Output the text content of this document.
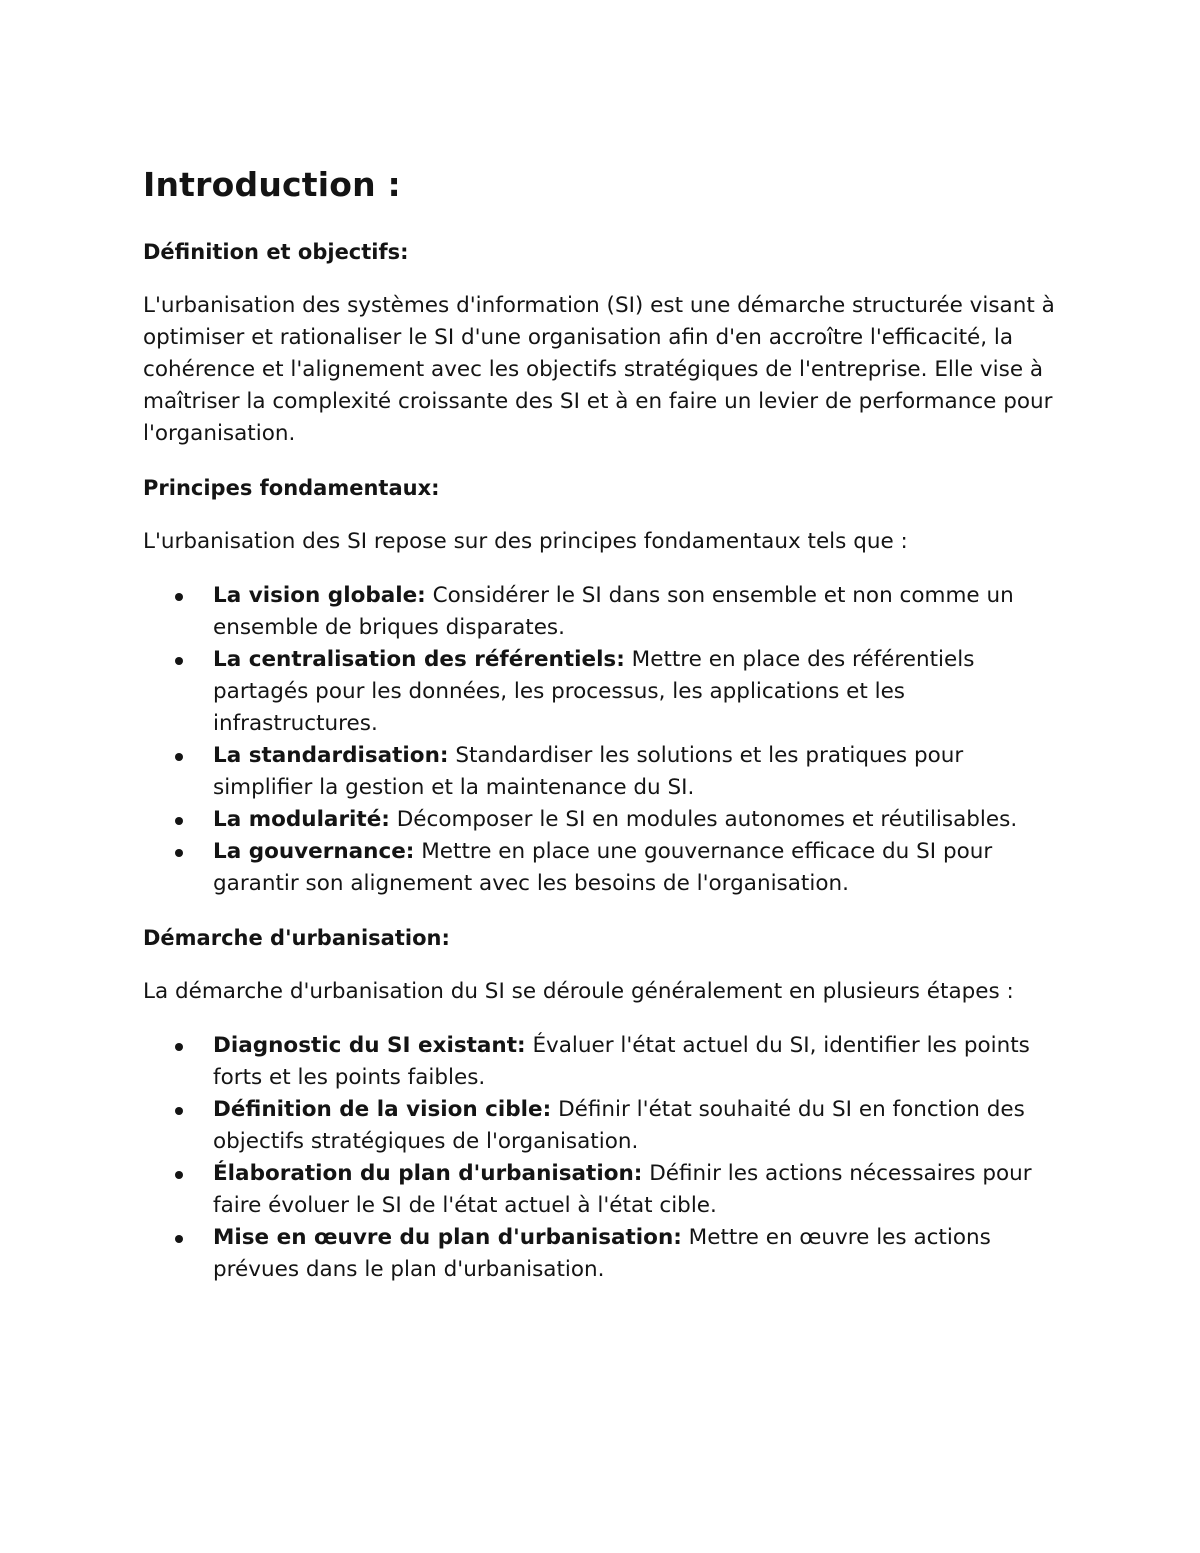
Introduction :
Définition et objectifs:

L'urbanisation des systèmes d'information (SI) est une démarche structurée visant à optimiser et rationaliser le SI d'une organisation afin d'en accroître l'efficacité, la cohérence et l'alignement avec les objectifs stratégiques de l'entreprise. Elle vise à maîtriser la complexité croissante des SI et à en faire un levier de performance pour l'organisation.

Principes fondamentaux:

L'urbanisation des SI repose sur des principes fondamentaux tels que :

La vision globale: Considérer le SI dans son ensemble et non comme un ensemble de briques disparates.
La centralisation des référentiels: Mettre en place des référentiels partagés pour les données, les processus, les applications et les infrastructures.
La standardisation: Standardiser les solutions et les pratiques pour simplifier la gestion et la maintenance du SI.
La modularité: Décomposer le SI en modules autonomes et réutilisables.
La gouvernance: Mettre en place une gouvernance efficace du SI pour garantir son alignement avec les besoins de l'organisation.
Démarche d'urbanisation:

La démarche d'urbanisation du SI se déroule généralement en plusieurs étapes :

Diagnostic du SI existant: Évaluer l'état actuel du SI, identifier les points forts et les points faibles.
Définition de la vision cible: Définir l'état souhaité du SI en fonction des objectifs stratégiques de l'organisation.
Élaboration du plan d'urbanisation: Définir les actions nécessaires pour faire évoluer le SI de l'état actuel à l'état cible.
Mise en œuvre du plan d'urbanisation: Mettre en œuvre les actions prévues dans le plan d'urbanisation.
